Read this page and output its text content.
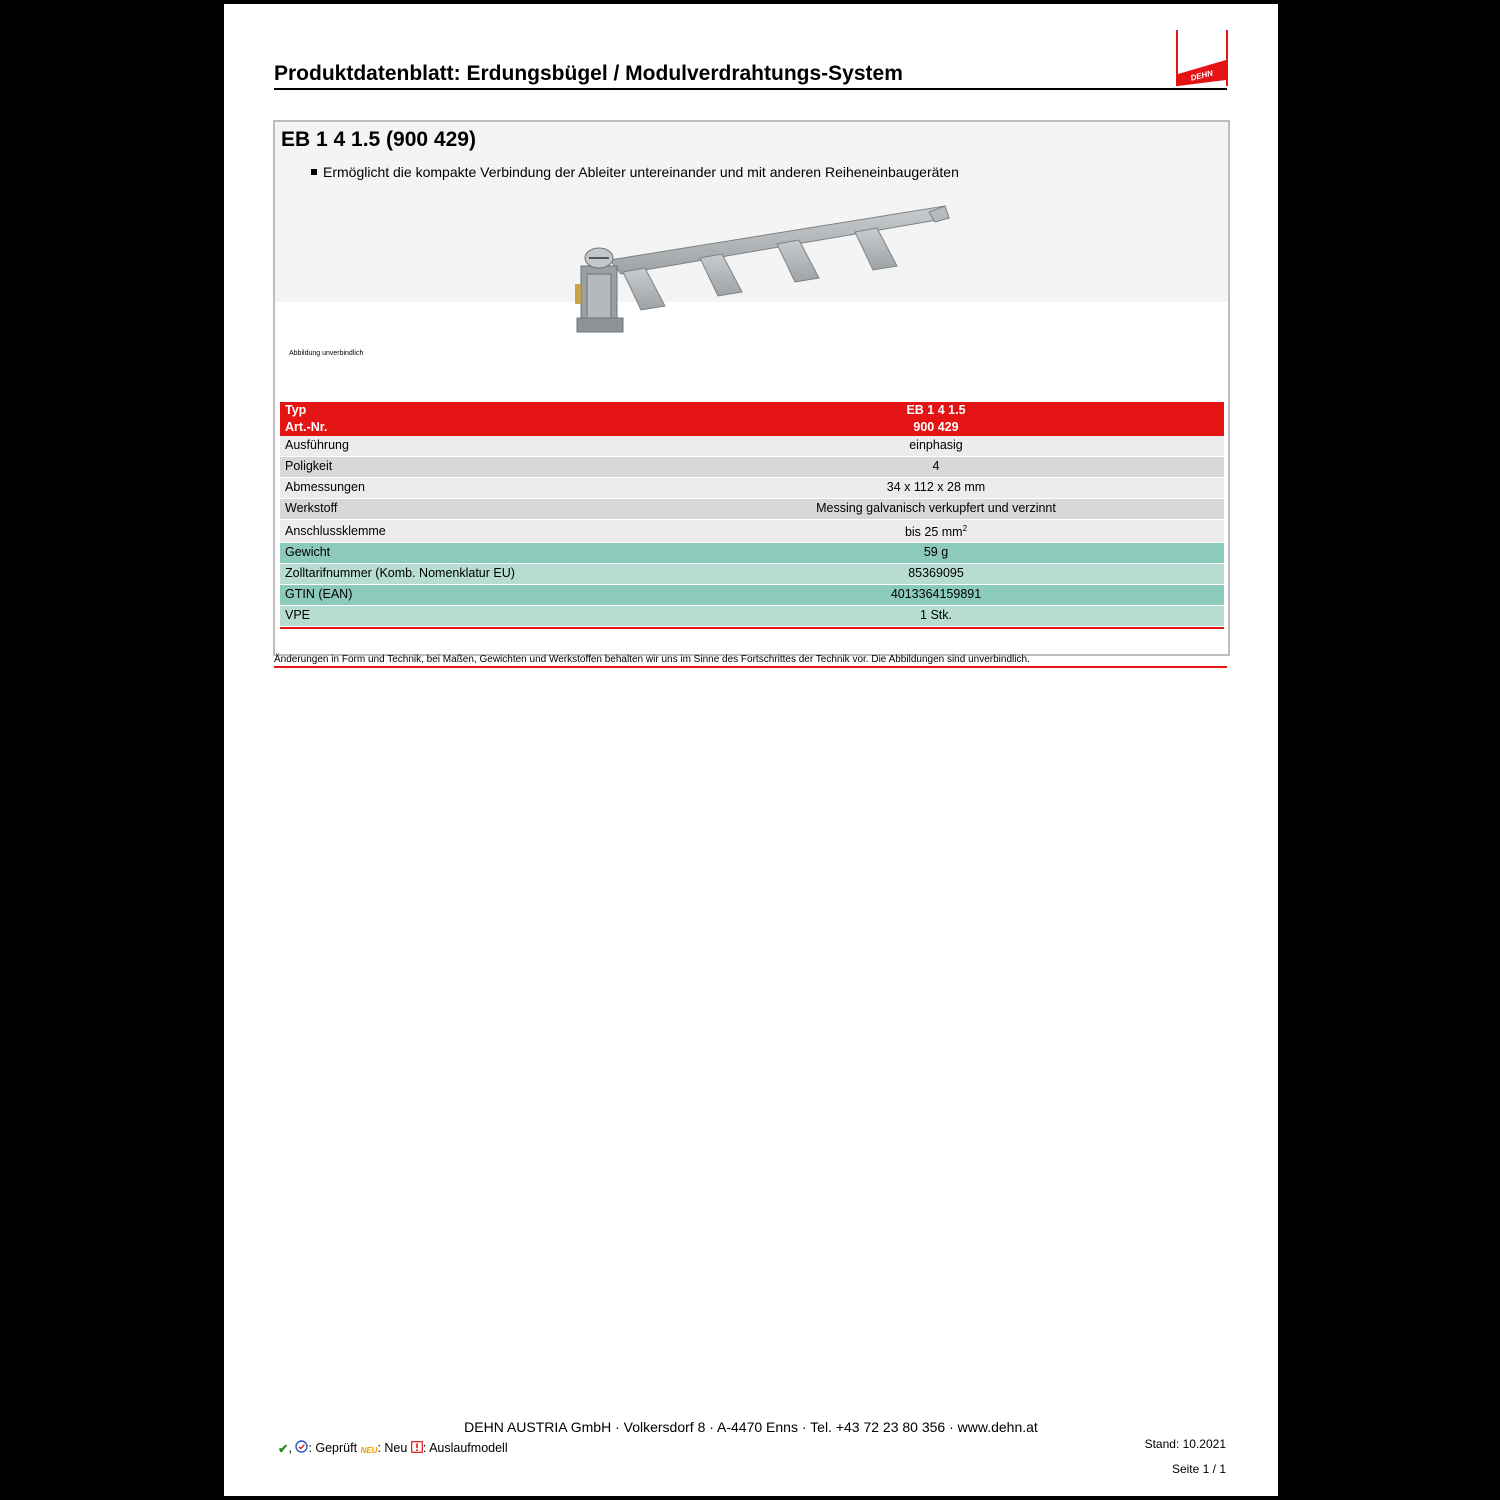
Produktdatenblatt: Erdungsbügel / Modulverdrahtungs-System	DEHN
EB 1 4 1.5 (900 429)
Ermöglicht die kompakte Verbindung der Ableiter untereinander und mit anderen Reiheneinbaugeräten
Abbildung unverbindlich
Typ	EB 1 4 1.5
Art.-Nr.	900 429
Ausführung	einphasig
Poligkeit	4
Abmessungen	34 x 112 x 28 mm
Werkstoff	Messing galvanisch verkupfert und verzinnt
Anschlussklemme	bis 25 $mm^2$
Gewicht	59 g
Zolltarifnummer (Komb. Nomenklatur EU)	85369095
GTIN (EAN)	4013364159891
VPE	1 Stk.
Änderungen in Form und Technik, bei Maßen, Gewichten und Werkstoffen behalten wir uns im Sinne des Fortschrittes der Technik vor. Die Abbildungen sind unverbindlich.
DEHN AUSTRIA GmbH · Volkersdorf 8 · A-4470 Enns · Tel. +43 72 23 80 356 · www.dehn.at
✔, : Geprüft NEU: Neu : Auslaufmodell	Stand: 10.2021
Seite 1 / 1
